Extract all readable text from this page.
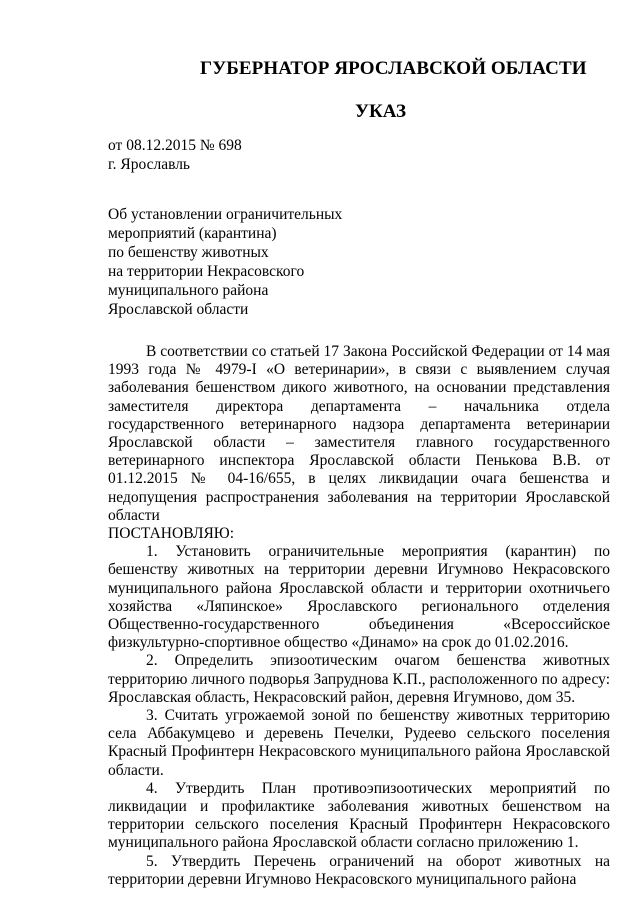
ГУБЕРНАТОР ЯРОСЛАВСКОЙ ОБЛАСТИ
УКАЗ
от 08.12.2015 № 698
г. Ярославль
Об установлении ограничительных
мероприятий (карантина)
по бешенству животных
на территории Некрасовского
муниципального района
Ярославской области

В соответствии со статьей 17 Закона Российской Федерации от 14 мая 1993 года № 4979-I «О ветеринарии», в связи с выявлением случая заболевания бешенством дикого животного, на основании представления заместителя директора департамента – начальника отдела государственного ветеринарного надзора департамента ветеринарии Ярославской области – заместителя главного государственного ветеринарного инспектора Ярославской области Пенькова В.В. от 01.12.2015 № 04-16/655, в целях ликвидации очага бешенства и недопущения распространения заболевания на территории Ярославской области

ПОСТАНОВЛЯЮ:

1. Установить ограничительные мероприятия (карантин) по бешенству животных на территории деревни Игумново Некрасовского муниципального района Ярославской области и территории охотничьего хозяйства «Ляпинское» Ярославского регионального отделения Общественно-государственного объединения «Всероссийское физкультурно-спортивное общество «Динамо» на срок до 01.02.2016.

2. Определить эпизоотическим очагом бешенства животных территорию личного подворья Запруднова К.П., расположенного по адресу: Ярославская область, Некрасовский район, деревня Игумново, дом 35.

3. Считать угрожаемой зоной по бешенству животных территорию села Аббакумцево и деревень Печелки, Рудеево сельского поселения Красный Профинтерн Некрасовского муниципального района Ярославской области.

4. Утвердить План противоэпизоотических мероприятий по ликвидации и профилактике заболевания животных бешенством на территории сельского поселения Красный Профинтерн Некрасовского муниципального района Ярославской области согласно приложению 1.

5. Утвердить Перечень ограничений на оборот животных на территории деревни Игумново Некрасовского муниципального района
